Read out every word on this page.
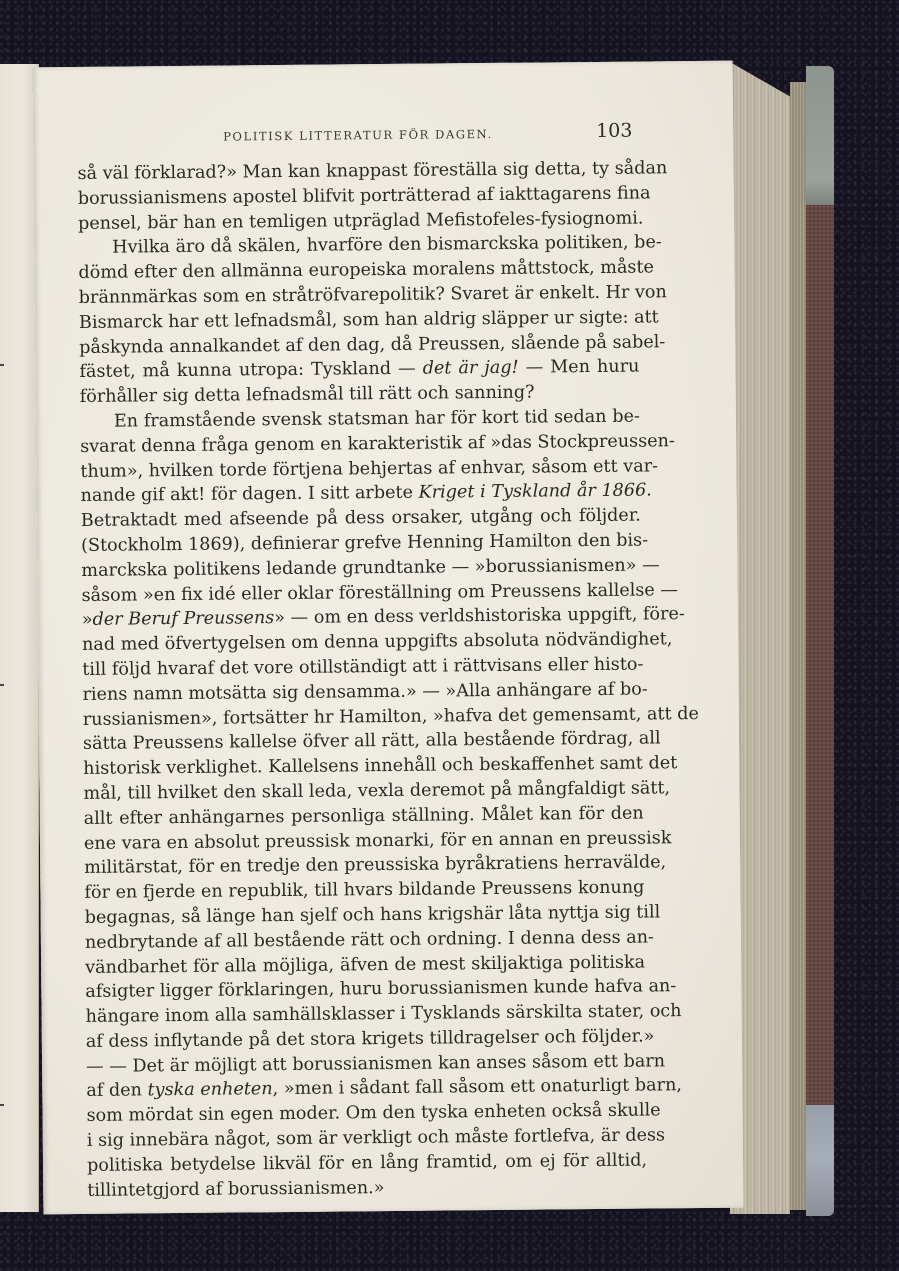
POLITISK LITTERATUR FÖR DAGEN.	103
så väl förklarad?» Man kan knappast föreställa sig detta, ty sådan
borussianismens apostel blifvit porträtterad af iakttagarens fina
pensel, bär han en temligen utpräglad Mefistofeles-fysiognomi.
Hvilka äro då skälen, hvarföre den bismarckska politiken, be-
dömd efter den allmänna europeiska moralens måttstock, måste
brännmärkas som en stråtröfvarepolitik? Svaret är enkelt. Hr von
Bismarck har ett lefnadsmål, som han aldrig släpper ur sigte: att
påskynda annalkandet af den dag, då Preussen, slående på sabel-
fästet, må kunna utropa: Tyskland — det är jag! — Men huru
förhåller sig detta lefnadsmål till rätt och sanning?
En framstående svensk statsman har för kort tid sedan be-
svarat denna fråga genom en karakteristik af »das Stockpreussen-
thum», hvilken torde förtjena behjertas af enhvar, såsom ett var-
nande gif akt! för dagen. I sitt arbete Kriget i Tyskland år 1866.
Betraktadt med afseende på dess orsaker, utgång och följder.
(Stockholm 1869), definierar grefve Henning Hamilton den bis-
marckska politikens ledande grundtanke — »borussianismen» —
såsom »en fix idé eller oklar föreställning om Preussens kallelse —
»der Beruf Preussens» — om en dess verldshistoriska uppgift, före-
nad med öfvertygelsen om denna uppgifts absoluta nödvändighet,
till följd hvaraf det vore otillständigt att i rättvisans eller histo-
riens namn motsätta sig densamma.» — »Alla anhängare af bo-
russianismen», fortsätter hr Hamilton, »hafva det gemensamt, att de
sätta Preussens kallelse öfver all rätt, alla bestående fördrag, all
historisk verklighet. Kallelsens innehåll och beskaffenhet samt det
mål, till hvilket den skall leda, vexla deremot på mångfaldigt sätt,
allt efter anhängarnes personliga ställning. Målet kan för den
ene vara en absolut preussisk monarki, för en annan en preussisk
militärstat, för en tredje den preussiska byråkratiens herravälde,
för en fjerde en republik, till hvars bildande Preussens konung
begagnas, så länge han sjelf och hans krigshär låta nyttja sig till
nedbrytande af all bestående rätt och ordning. I denna dess an-
vändbarhet för alla möjliga, äfven de mest skiljaktiga politiska
afsigter ligger förklaringen, huru borussianismen kunde hafva an-
hängare inom alla samhällsklasser i Tysklands särskilta stater, och
af dess inflytande på det stora krigets tilldragelser och följder.»
— — Det är möjligt att borussianismen kan anses såsom ett barn
af den tyska enheten, »men i sådant fall såsom ett onaturligt barn,
som mördat sin egen moder. Om den tyska enheten också skulle
i sig innebära något, som är verkligt och måste fortlefva, är dess
politiska betydelse likväl för en lång framtid, om ej för alltid,
tillintetgjord af borussianismen.»
